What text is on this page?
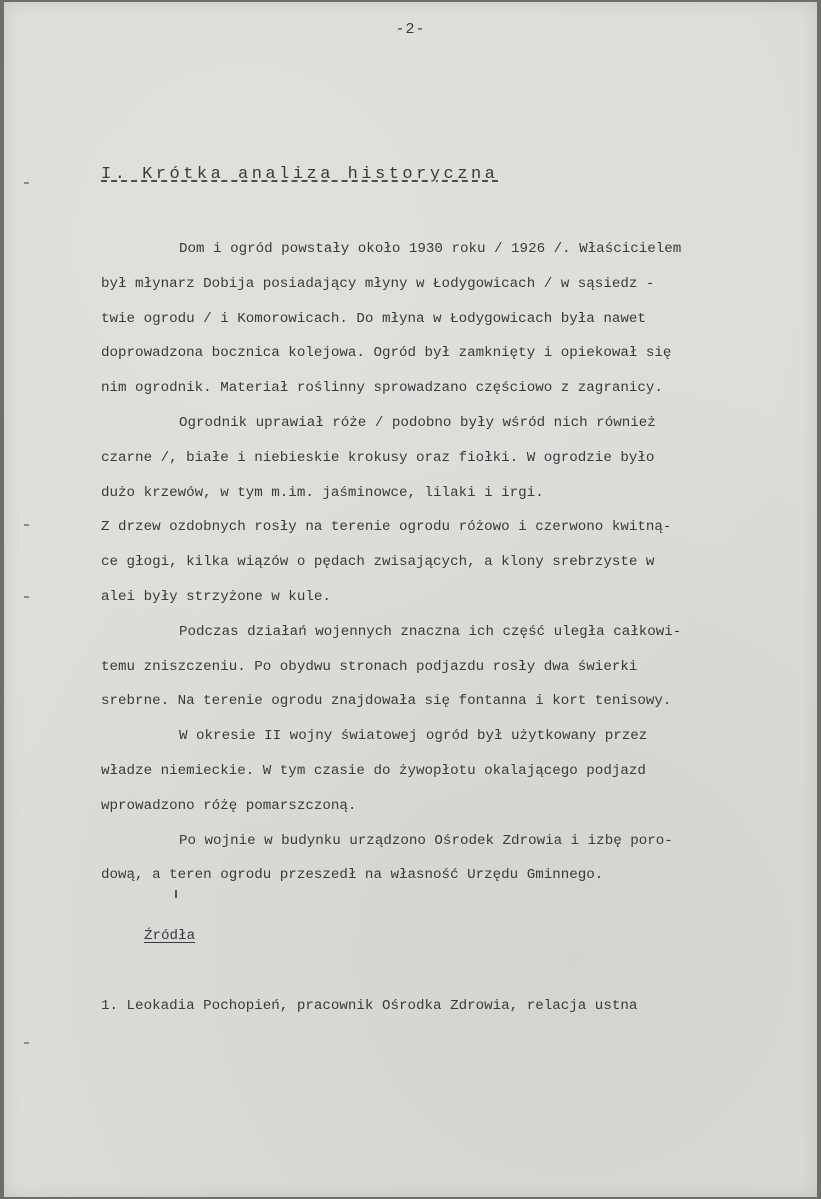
-2-
I. Krótka analiza historyczna
Dom i ogród powstały około 1930 roku / 1926 /. Właścicielem
był młynarz Dobija posiadający młyny w Łodygowicach / w sąsiedz -
twie ogrodu / i Komorowicach. Do młyna w Łodygowicach była nawet
doprowadzona bocznica kolejowa. Ogród był zamknięty i opiekował się
nim ogrodnik. Materiał roślinny sprowadzano częściowo z zagranicy.
Ogrodnik uprawiał róże / podobno były wśród nich również
czarne /, białe i niebieskie krokusy oraz fiołki. W ogrodzie było
dużo krzewów, w tym m.im. jaśminowce, lilaki i irgi.
Z drzew ozdobnych rosły na terenie ogrodu różowo i czerwono kwitną-
ce głogi, kilka wiązów o pędach zwisających, a klony srebrzyste w
alei były strzyżone w kule.
Podczas działań wojennych znaczna ich część uległa całkowi-
temu zniszczeniu. Po obydwu stronach podjazdu rosły dwa świerki
srebrne. Na terenie ogrodu znajdowała się fontanna i kort tenisowy.
W okresie II wojny światowej ogród był użytkowany przez
władze niemieckie. W tym czasie do żywopłotu okalającego podjazd
wprowadzono różę pomarszczoną.
Po wojnie w budynku urządzono Ośrodek Zdrowia i izbę poro-
dową, a teren ogrodu przeszedł na własność Urzędu Gminnego.
Źródła
1. Leokadia Pochopień, pracownik Ośrodka Zdrowia, relacja ustna
